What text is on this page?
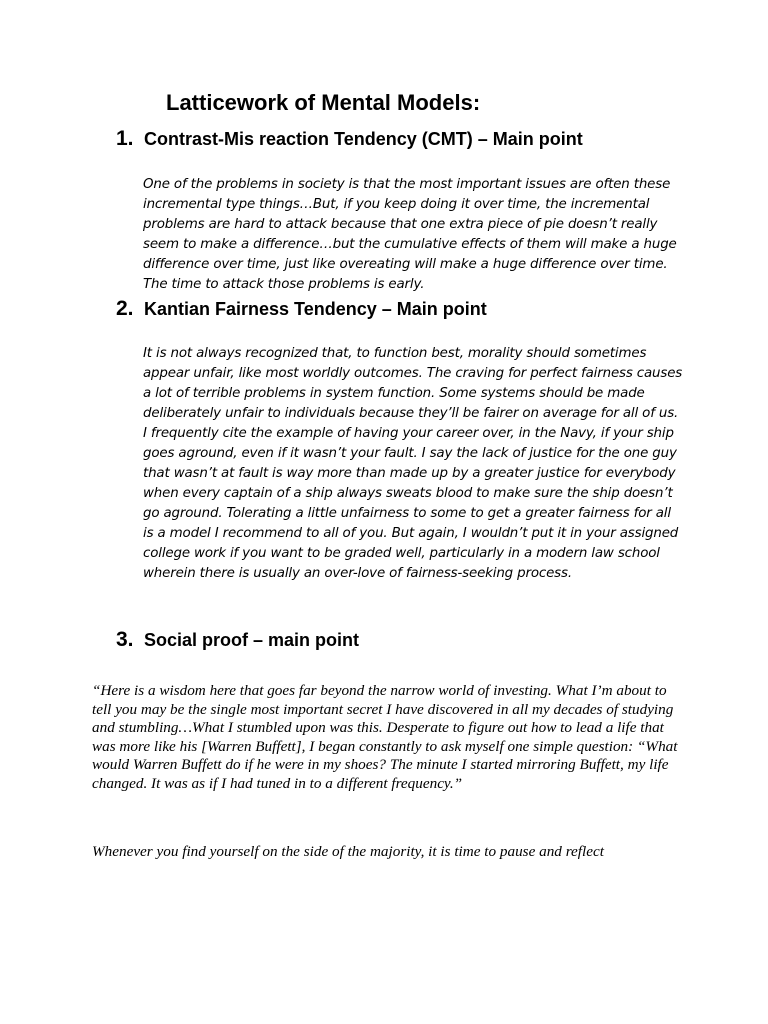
Latticework of Mental Models:
1. Contrast-Mis reaction Tendency (CMT) – Main point

One of the problems in society is that the most important issues are often these incremental type things…But, if you keep doing it over time, the incremental problems are hard to attack because that one extra piece of pie doesn’t really seem to make a difference…but the cumulative effects of them will make a huge difference over time, just like overeating will make a huge difference over time. The time to attack those problems is early.

2. Kantian Fairness Tendency – Main point

It is not always recognized that, to function best, morality should sometimes appear unfair, like most worldly outcomes. The craving for perfect fairness causes a lot of terrible problems in system function. Some systems should be made deliberately unfair to individuals because they’ll be fairer on average for all of us. I frequently cite the example of having your career over, in the Navy, if your ship goes aground, even if it wasn’t your fault. I say the lack of justice for the one guy that wasn’t at fault is way more than made up by a greater justice for everybody when every captain of a ship always sweats blood to make sure the ship doesn’t go aground. Tolerating a little unfairness to some to get a greater fairness for all is a model I recommend to all of you. But again, I wouldn’t put it in your assigned college work if you want to be graded well, particularly in a modern law school wherein there is usually an over-love of fairness-seeking process.

3. Social proof – main point

“Here is a wisdom here that goes far beyond the narrow world of investing. What I’m about to tell you may be the single most important secret I have discovered in all my decades of studying and stumbling…What I stumbled upon was this. Desperate to figure out how to lead a life that was more like his [Warren Buffett], I began constantly to ask myself one simple question: “What would Warren Buffett do if he were in my shoes? The minute I started mirroring Buffett, my life changed. It was as if I had tuned in to a different frequency.”

Whenever you find yourself on the side of the majority, it is time to pause and reflect
